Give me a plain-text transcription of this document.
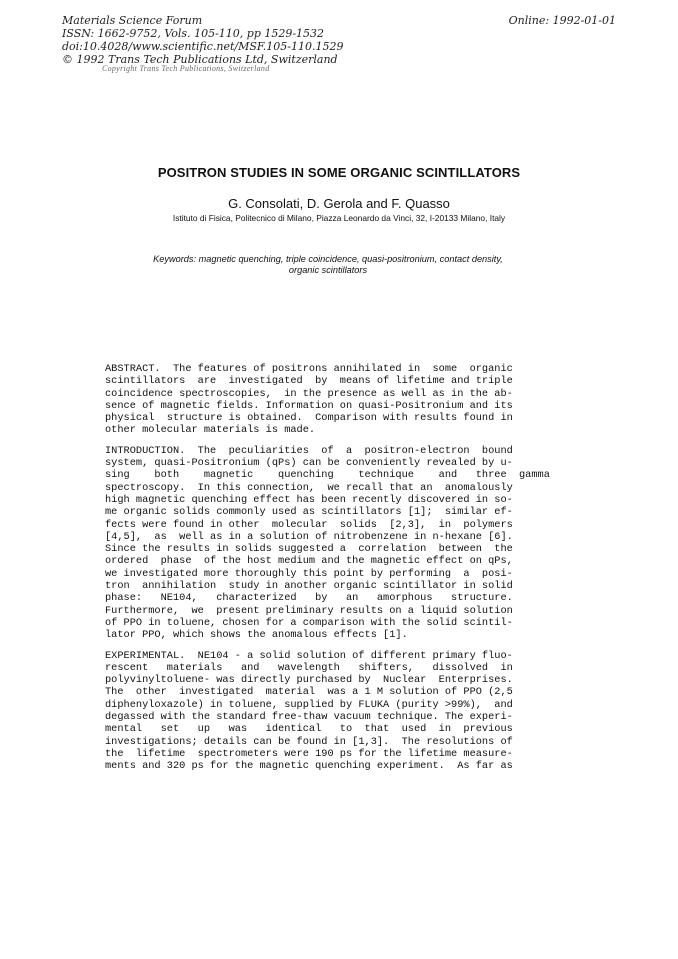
Materials Science Forum
ISSN: 1662-9752, Vols. 105-110, pp 1529-1532
doi:10.4028/www.scientific.net/MSF.105-110.1529
© 1992 Trans Tech Publications Ltd, Switzerland
Online: 1992-01-01
Copyright Trans Tech Publications, Switzerland
POSITRON STUDIES IN SOME ORGANIC SCINTILLATORS
G. Consolati, D. Gerola and F. Quasso
Istituto di Fisica, Politecnico di Milano, Piazza Leonardo da Vinci, 32, I-20133 Milano, Italy
Keywords: magnetic quenching, triple coincidence, quasi-positronium, contact density,
organic scintillators
ABSTRACT.  The features of positrons annihilated in  some  organic
scintillators  are  investigated  by  means of lifetime and triple
coincidence spectroscopies,  in the presence as well as in the ab-
sence of magnetic fields. Information on quasi-Positronium and its
physical  structure is obtained.  Comparison with results found in
other molecular materials is made.
INTRODUCTION.  The  peculiarities  of  a  positron-electron  bound
system, quasi-Positronium (qPs) can be conveniently revealed by u-
sing    both    magnetic    quenching    technique    and   three  gamma
spectroscopy.  In this connection,  we recall that an  anomalously
high magnetic quenching effect has been recently discovered in so-
me organic solids commonly used as scintillators [1];  similar ef-
fects were found in other  molecular  solids  [2,3],  in  polymers
[4,5],  as  well as in a solution of nitrobenzene in n-hexane [6].
Since the results in solids suggested a  correlation  between  the
ordered  phase  of the host medium and the magnetic effect on qPs,
we investigated more thoroughly this point by performing  a  posi-
tron  annihilation  study in another organic scintillator in solid
phase:   NE104,   characterized   by   an   amorphous   structure.
Furthermore,  we  present preliminary results on a liquid solution
of PPO in toluene, chosen for a comparison with the solid scintil-
lator PPO, which shows the anomalous effects [1].
EXPERIMENTAL.  NE104 - a solid solution of different primary fluo-
rescent   materials   and   wavelength   shifters,   dissolved  in
polyvinyltoluene- was directly purchased by  Nuclear  Enterprises.
The  other  investigated  material  was a 1 M solution of PPO (2,5
diphenyloxazole) in toluene, supplied by FLUKA (purity >99%),  and
degassed with the standard free-thaw vacuum technique. The experi-
mental   set   up   was   identical   to  that  used  in  previous
investigations; details can be found in [1,3].  The resolutions of
the  lifetime  spectrometers were 190 ps for the lifetime measure-
ments and 320 ps for the magnetic quenching experiment.  As far as
